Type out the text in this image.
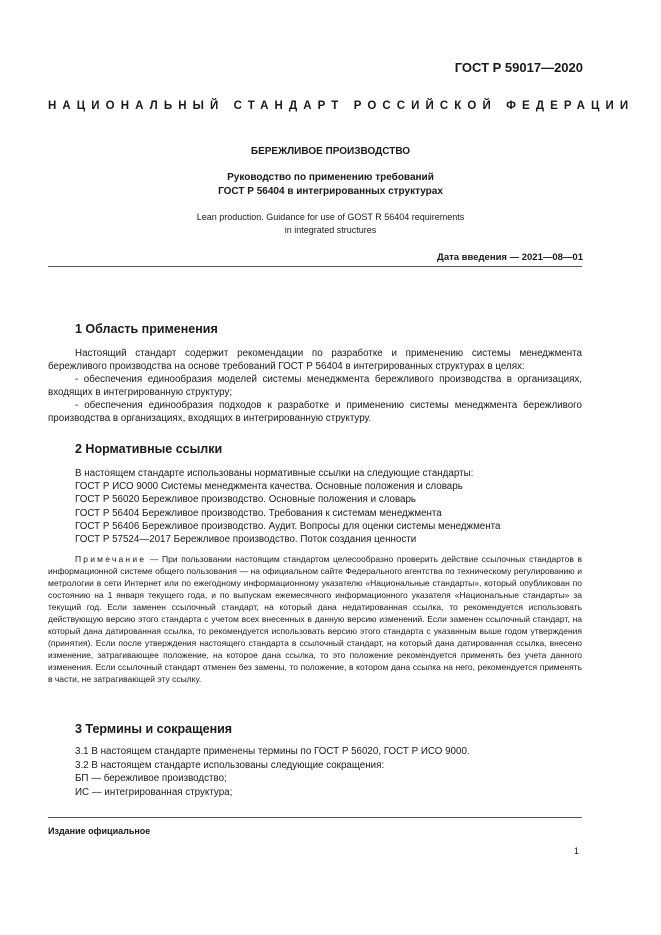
ГОСТ Р 59017—2020
НАЦИОНАЛЬНЫЙ СТАНДАРТ РОССИЙСКОЙ ФЕДЕРАЦИИ
БЕРЕЖЛИВОЕ ПРОИЗВОДСТВО
Руководство по применению требований
ГОСТ Р 56404 в интегрированных структурах
Lean production. Guidance for use of GOST R 56404 requirements
in integrated structures
Дата введения — 2021—08—01
1 Область применения
Настоящий стандарт содержит рекомендации по разработке и применению системы менеджмента бережливого производства на основе требований ГОСТ Р 56404 в интегрированных структурах в целях:
- обеспечения единообразия моделей системы менеджмента бережливого производства в организациях, входящих в интегрированную структуру;
- обеспечения единообразия подходов к разработке и применению системы менеджмента бережливого производства в организациях, входящих в интегрированную структуру.
2 Нормативные ссылки
В настоящем стандарте использованы нормативные ссылки на следующие стандарты:
ГОСТ Р ИСО 9000 Системы менеджмента качества. Основные положения и словарь
ГОСТ Р 56020 Бережливое производство. Основные положения и словарь
ГОСТ Р 56404 Бережливое производство. Требования к системам менеджмента
ГОСТ Р 56406 Бережливое производство. Аудит. Вопросы для оценки системы менеджмента
ГОСТ Р 57524—2017 Бережливое производство. Поток создания ценности
Примечание — При пользовании настоящим стандартом целесообразно проверить действие ссылочных стандартов в информационной системе общего пользования — на официальном сайте Федерального агентства по техническому регулированию и метрологии в сети Интернет или по ежегодному информационному указателю «Национальные стандарты», который опубликован по состоянию на 1 января текущего года, и по выпускам ежемесячного информационного указателя «Национальные стандарты» за текущий год. Если заменен ссылочный стандарт, на который дана недатированная ссылка, то рекомендуется использовать действующую версию этого стандарта с учетом всех внесенных в данную версию изменений. Если заменен ссылочный стандарт, на который дана датированная ссылка, то рекомендуется использовать версию этого стандарта с указанным выше годом утверждения (принятия). Если после утверждения настоящего стандарта в ссылочный стандарт, на который дана датированная ссылка, внесено изменение, затрагивающее положение, на которое дана ссылка, то это положение рекомендуется применять без учета данного изменения. Если ссылочный стандарт отменен без замены, то положение, в котором дана ссылка на него, рекомендуется применять в части, не затрагивающей эту ссылку.
3 Термины и сокращения
3.1 В настоящем стандарте применены термины по ГОСТ Р 56020, ГОСТ Р ИСО 9000.
3.2 В настоящем стандарте использованы следующие сокращения:
БП — бережливое производство;
ИС — интегрированная структура;
Издание официальное
1
